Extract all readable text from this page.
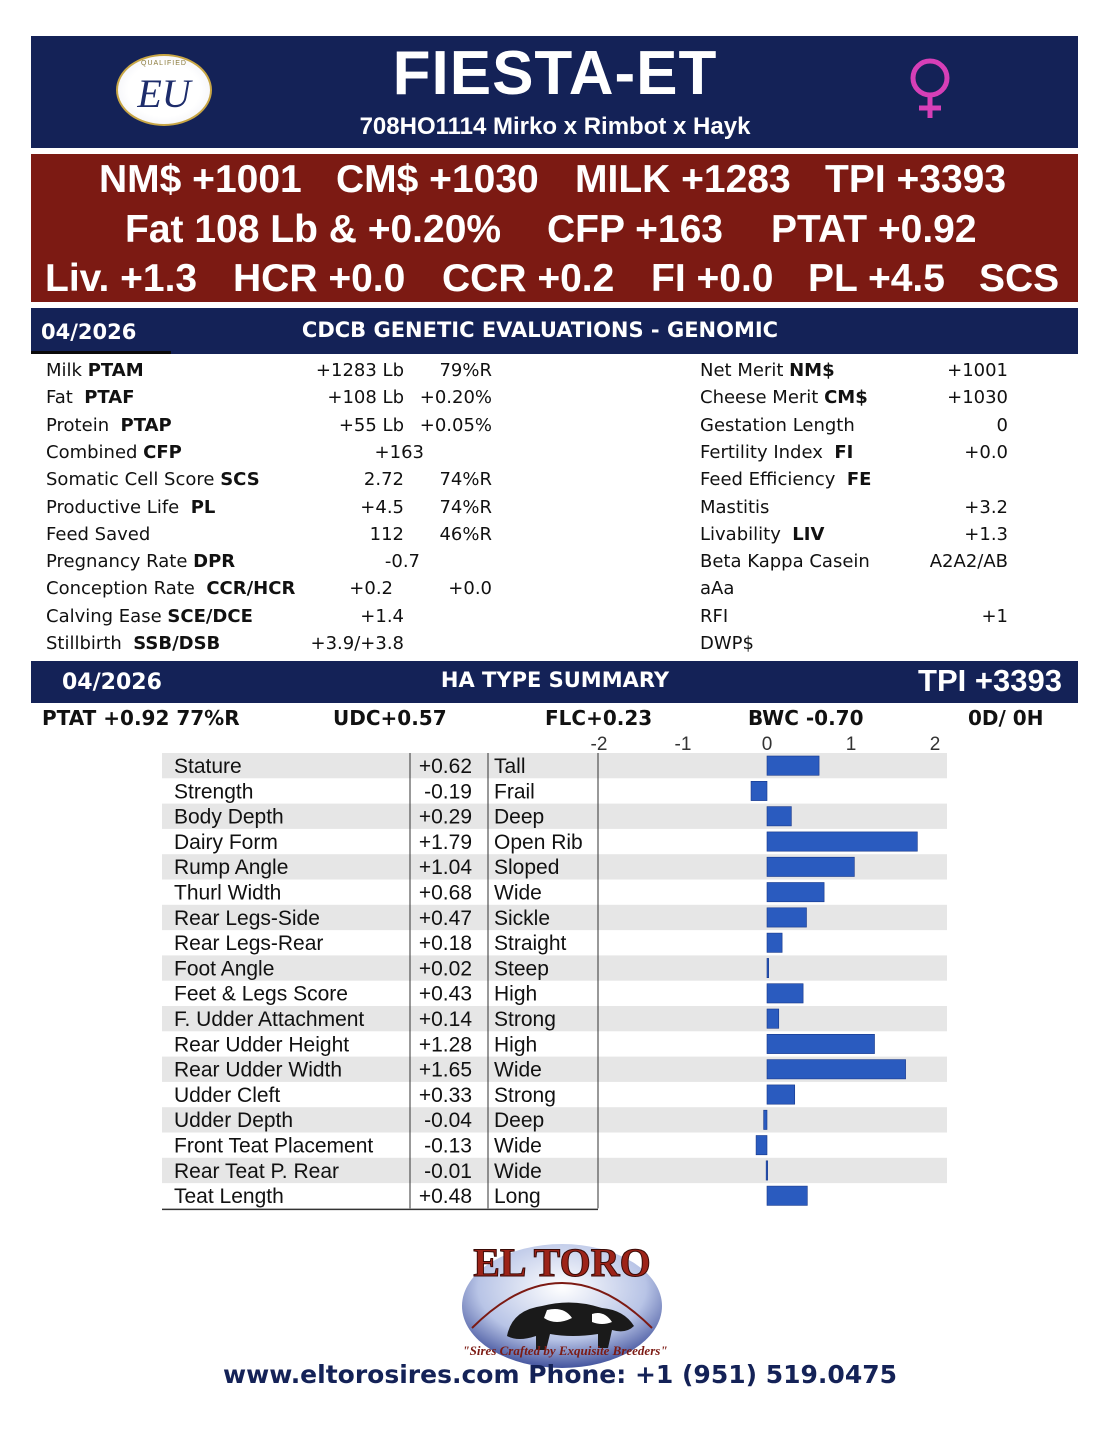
QUALIFIED
EU	FIESTA-ET
708HO1114 Mirko x Rimbot x Hayk
NM$ +1001 CM$ +1030 MILK +1283 TPI +3393
Fat 108 Lb & +0.20% CFP +163 PTAT +0.92
Liv. +1.3 HCR +0.0 CCR +0.2 FI +0.0 PL +4.5 SCS
04/2026	CDCB GENETIC EVALUATIONS - GENOMIC
Milk PTAM	+1283 Lb 79%R
Fat  PTAF	+108 Lb +0.20%
Protein  PTAP	+55 Lb +0.05%
Combined CFP	+163
Somatic Cell Score SCS	2.72 74%R
Productive Life  PL	+4.5 74%R
Feed Saved	112 46%R
Pregnancy Rate DPR	-0.7
Conception Rate  CCR/HCR	+0.2	+0.0
Calving Ease SCE/DCE	+1.4
Stillbirth  SSB/DSB	+3.9/+3.8
Net Merit NM$	+1001
Cheese Merit CM$	+1030
Gestation Length	0
Fertility Index  FI	+0.0
Feed Efficiency  FE
Mastitis	+3.2
Livability  LIV	+1.3
Beta Kappa Casein	A2A2/AB
aAa
RFI	+1
DWP$
04/2026	HA TYPE SUMMARY	TPI +3393
PTAT +0.92 77%R	UDC+0.57	FLC+0.23	BWC -0.70	0D/ 0H
-2	-1	0	1	2
Stature	+0.62 Tall
Strength	-0.19 Frail
Body Depth	+0.29 Deep
Dairy Form	+1.79 Open Rib
Rump Angle	+1.04 Sloped
Thurl Width	+0.68 Wide
Rear Legs-Side	+0.47 Sickle
Rear Legs-Rear	+0.18 Straight
Foot Angle	+0.02 Steep
Feet & Legs Score	+0.43 High
F. Udder Attachment	+0.14 Strong
Rear Udder Height	+1.28 High
Rear Udder Width	+1.65 Wide
Udder Cleft	+0.33 Strong
Udder Depth	-0.04 Deep
Front Teat Placement -0.13 Wide
Rear Teat P. Rear	-0.01 Wide
Teat Length	+0.48 Long
EL TORO
"Sires Crafted by Exquisite Breeders"
www.eltorosires.com Phone: +1 (951) 519.0475
